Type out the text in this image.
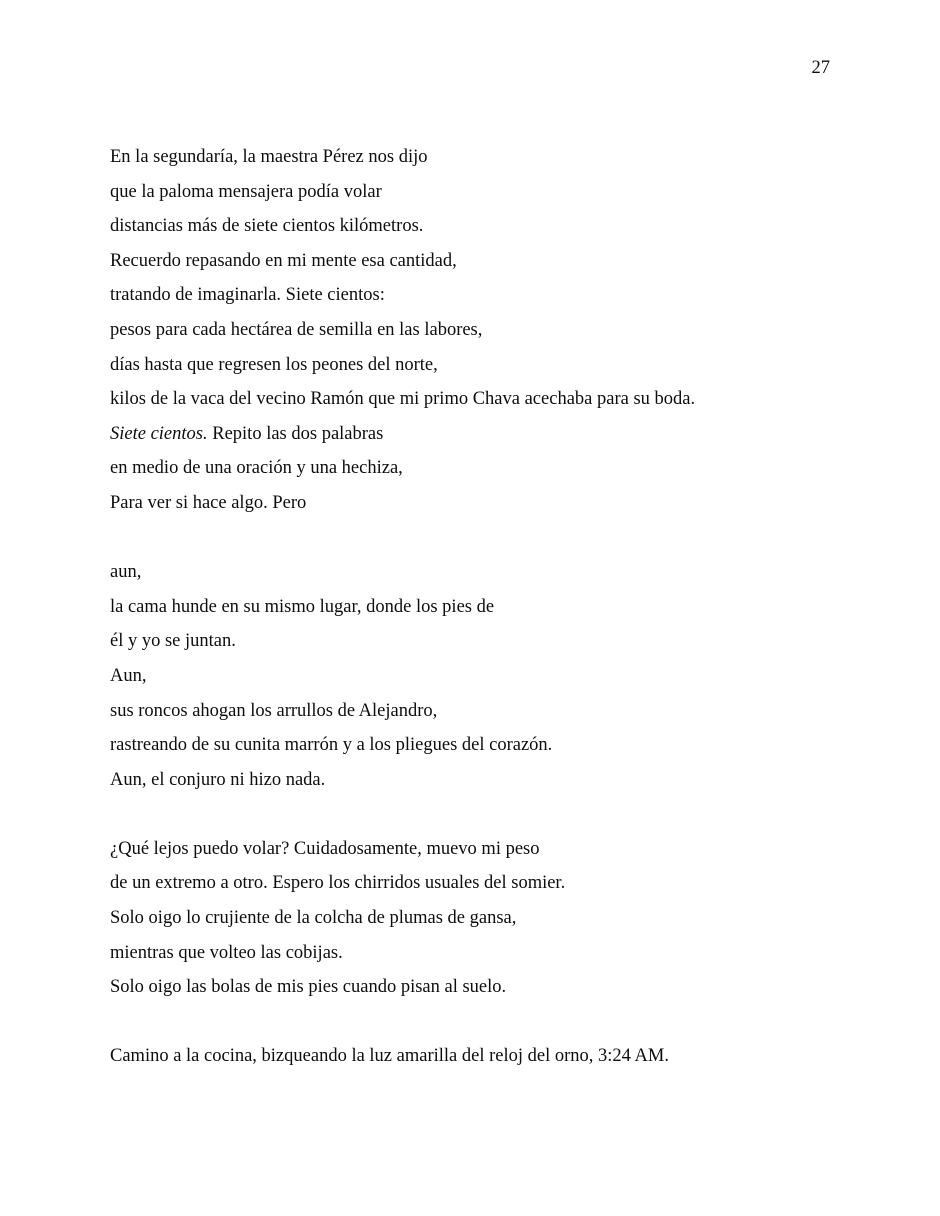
27
En la segundaría, la maestra Pérez nos dijo
que la paloma mensajera podía volar
distancias más de siete cientos kilómetros.
Recuerdo repasando en mi mente esa cantidad,
tratando de imaginarla. Siete cientos:
pesos para cada hectárea de semilla en las labores,
días hasta que regresen los peones del norte,
kilos de la vaca del vecino Ramón que mi primo Chava acechaba para su boda.
Siete cientos. Repito las dos palabras
en medio de una oración y una hechiza,
Para ver si hace algo. Pero

aun,
la cama hunde en su mismo lugar, donde los pies de
él y yo se juntan.
Aun,
sus roncos ahogan los arrullos de Alejandro,
rastreando de su cunita marrón y a los pliegues del corazón.
Aun, el conjuro ni hizo nada.

¿Qué lejos puedo volar? Cuidadosamente, muevo mi peso
de un extremo a otro. Espero los chirridos usuales del somier.
Solo oigo lo crujiente de la colcha de plumas de gansa,
mientras que volteo las cobijas.
Solo oigo las bolas de mis pies cuando pisan al suelo.

Camino a la cocina, bizqueando la luz amarilla del reloj del orno, 3:24 AM.
